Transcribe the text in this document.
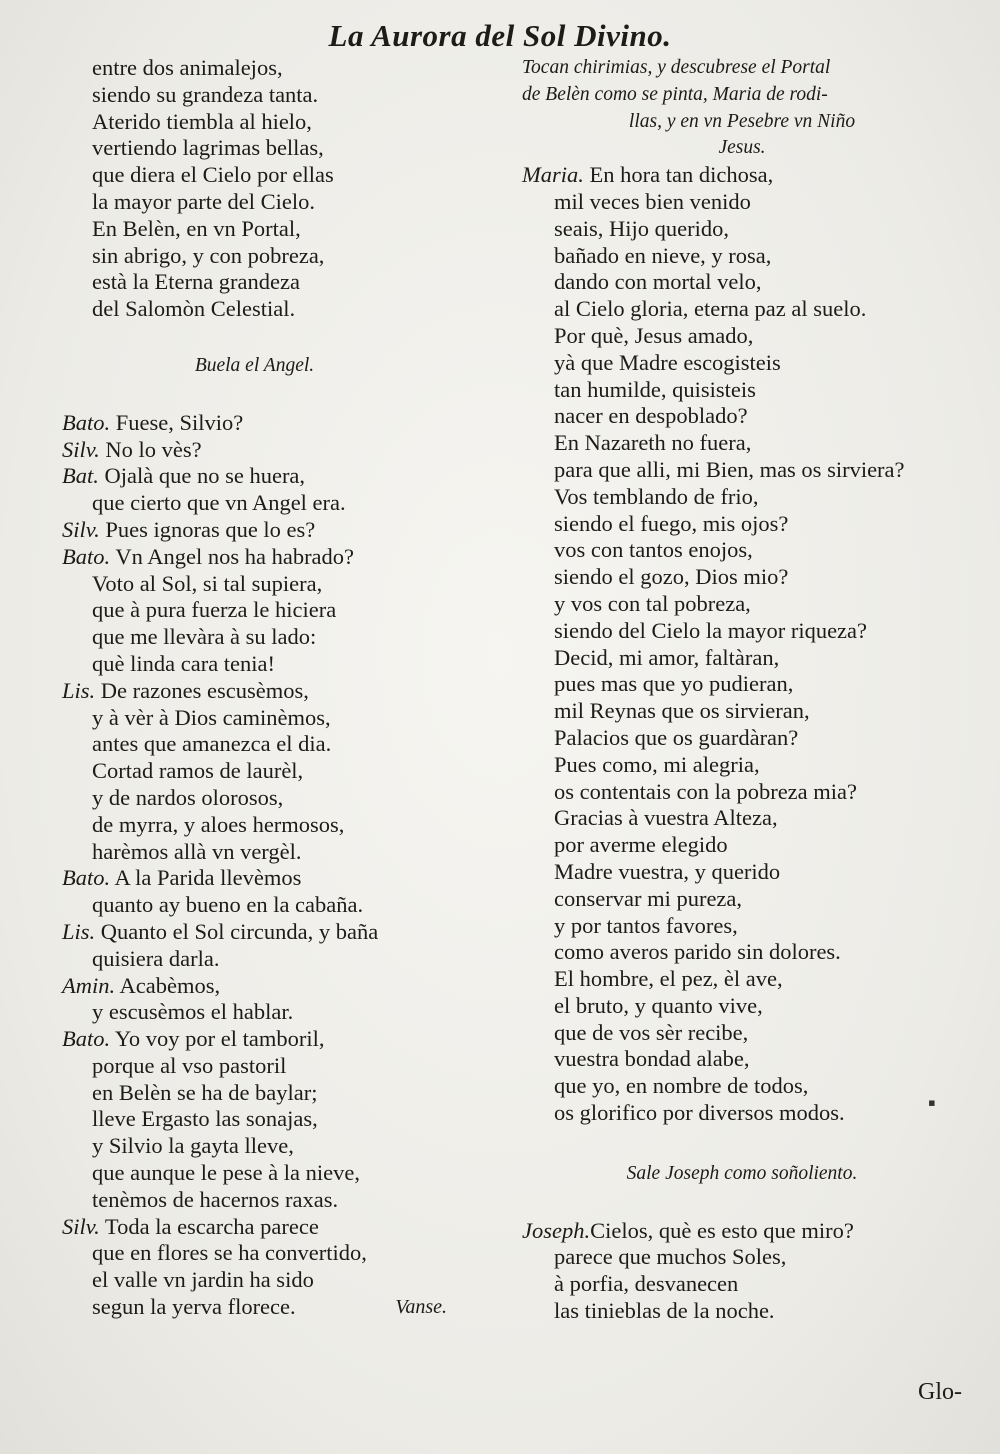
La Aurora del Sol Divino.
entre dos animalejos,
siendo su grandeza tanta.
Aterido tiembla al hielo,
vertiendo lagrimas bellas,
que diera el Cielo por ellas
la mayor parte del Cielo.
En Belèn, en vn Portal,
sin abrigo, y con pobreza,
està la Eterna grandeza
del Salomòn Celestial.
Buela el Angel.
Bato. Fuese, Silvio?
Silv. No lo vès?
Bat. Ojalà que no se huera,
que cierto que vn Angel era.
Silv. Pues ignoras que lo es?
Bato. Vn Angel nos ha habrado?
Voto al Sol, si tal supiera,
que à pura fuerza le hiciera
que me llevàra à su lado:
què linda cara tenia!
Lis. De razones escusèmos,
y à vèr à Dios caminèmos,
antes que amanezca el dia.
Cortad ramos de laurèl,
y de nardos olorosos,
de myrra, y aloes hermosos,
harèmos allà vn vergèl.
Bato. A la Parida llevèmos
quanto ay bueno en la cabaña.
Lis. Quanto el Sol circunda, y baña
quisiera darla.
Amin. Acabèmos,
y escusèmos el hablar.
Bato. Yo voy por el tamboril,
porque al vso pastoril
en Belèn se ha de baylar;
lleve Ergasto las sonajas,
y Silvio la gayta lleve,
que aunque le pese à la nieve,
tenèmos de hacernos raxas.
Silv. Toda la escarcha parece
que en flores se ha convertido,
el valle vn jardin ha sido
segun la yerva florece.	Vanse.
Tocan chirimias, y descubrese el Portal
de Belèn como se pinta, Maria de rodi-
llas, y en vn Pesebre vn Niño
Jesus.
Maria. En hora tan dichosa,
mil veces bien venido
seais, Hijo querido,
bañado en nieve, y rosa,
dando con mortal velo,
al Cielo gloria, eterna paz al suelo.
Por què, Jesus amado,
yà que Madre escogisteis
tan humilde, quisisteis
nacer en despoblado?
En Nazareth no fuera,
para que alli, mi Bien, mas os sirviera?
Vos temblando de frio,
siendo el fuego, mis ojos?
vos con tantos enojos,
siendo el gozo, Dios mio?
y vos con tal pobreza,
siendo del Cielo la mayor riqueza?
Decid, mi amor, faltàran,
pues mas que yo pudieran,
mil Reynas que os sirvieran,
Palacios que os guardàran?
Pues como, mi alegria,
os contentais con la pobreza mia?
Gracias à vuestra Alteza,
por averme elegido
Madre vuestra, y querido
conservar mi pureza,
y por tantos favores,
como averos parido sin dolores.
El hombre, el pez, èl ave,
el bruto, y quanto vive,
que de vos sèr recibe,
vuestra bondad alabe,
que yo, en nombre de todos,
os glorifico por diversos modos.
Sale Joseph como soñoliento.
Joseph.Cielos, què es esto que miro?
parece que muchos Soles,
à porfia, desvanecen
las tinieblas de la noche.
Glo-
▪
